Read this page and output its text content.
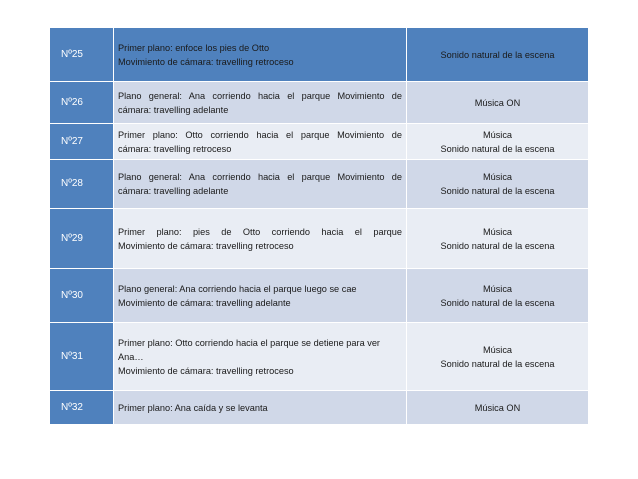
Nº25	Primer plano: enfoce los pies de Otto
Movimiento de cámara: travelling retroceso	Sonido natural de la escena

Nº26	Plano general: Ana corriendo hacia el parque Movimiento de
cámara: travelling adelante	Música ON

Nº27	Primer plano: Otto corriendo hacia el parque Movimiento de
cámara: travelling retroceso	Música
Sonido natural de la escena

Nº28	Plano general: Ana corriendo hacia el parque Movimiento de
cámara: travelling adelante	Música
Sonido natural de la escena

Nº29	Primer plano: pies de Otto corriendo hacia el parque
Movimiento de cámara: travelling retroceso	Música
Sonido natural de la escena

Nº30	Plano general: Ana corriendo hacia el parque luego se cae
Movimiento de cámara: travelling adelante	Música
Sonido natural de la escena

Nº31	Primer plano: Otto corriendo hacia el parque se detiene para ver
Ana…
Movimiento de cámara: travelling retroceso	Música
Sonido natural de la escena

Nº32	Primer plano: Ana caída y se levanta	Música ON
